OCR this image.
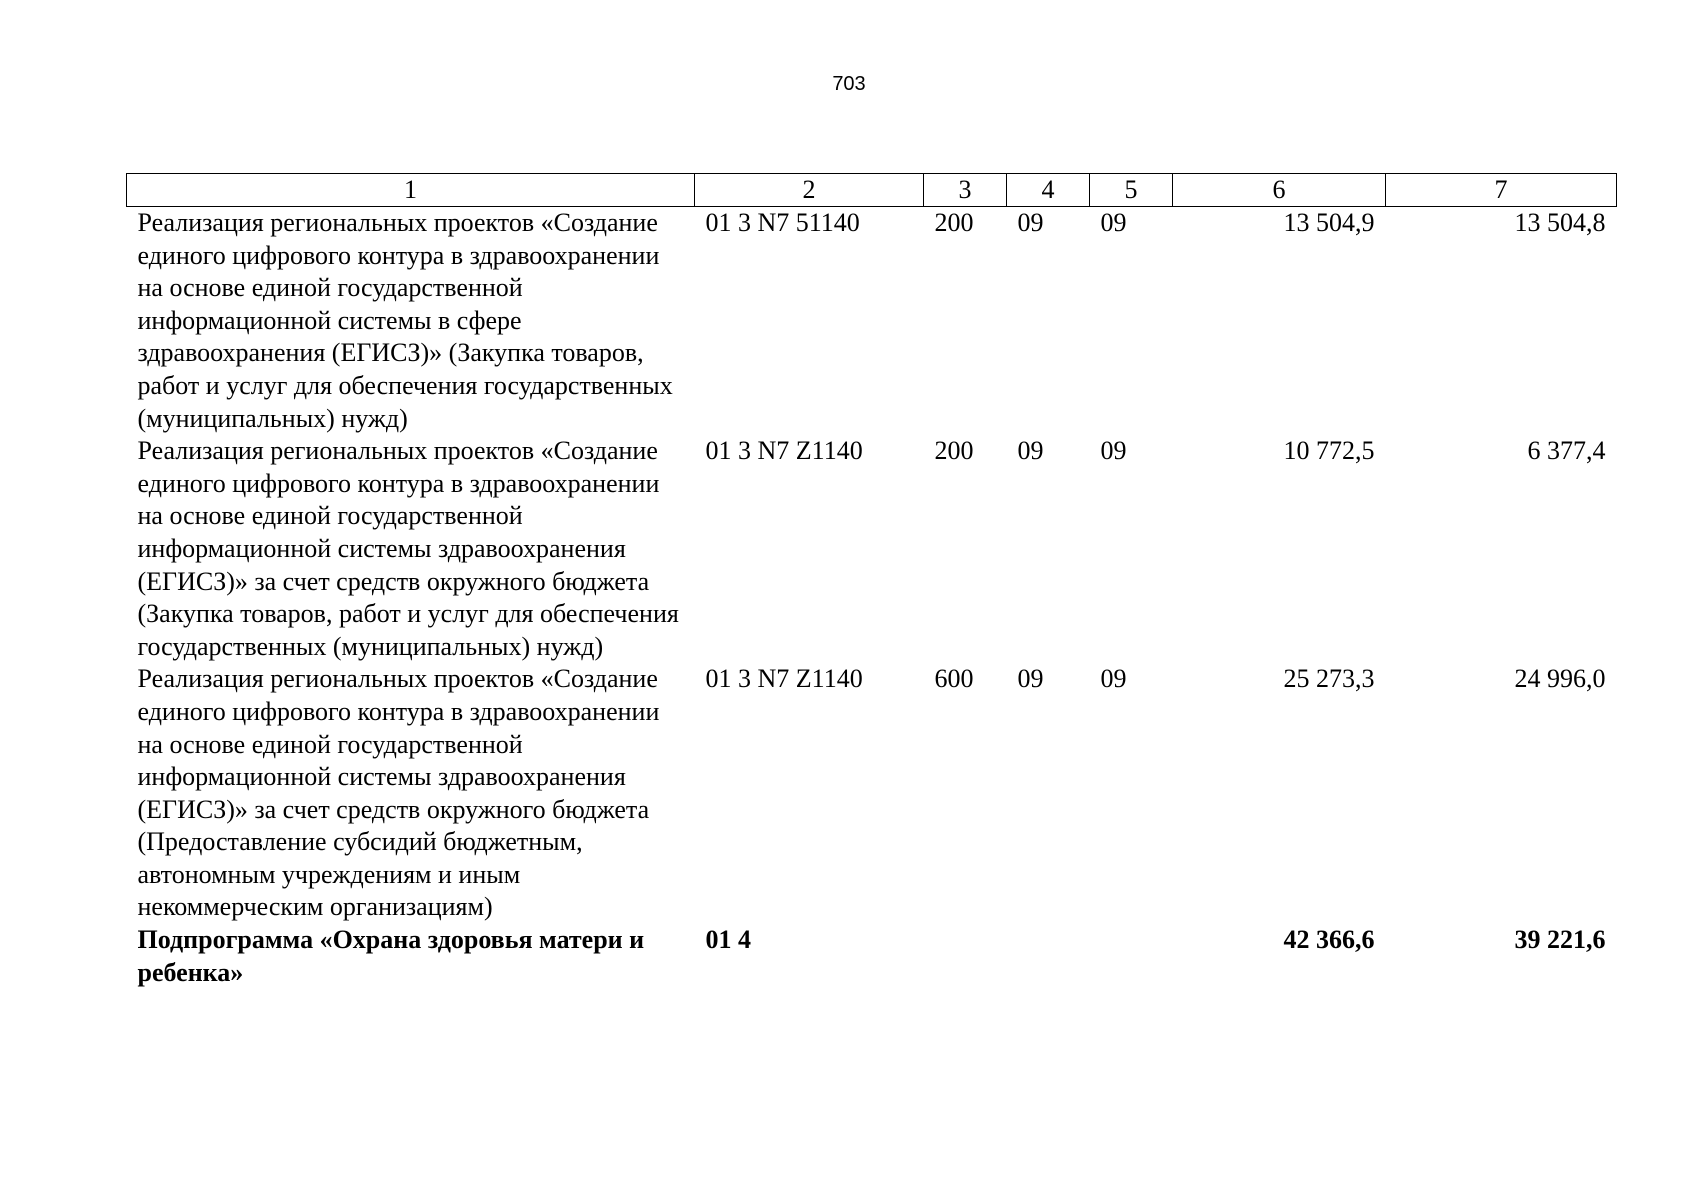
703
1	2	3	4	5	6	7
Реализация региональных проектов «Создание единого цифрового контура в здравоохранении на основе единой государственной информационной системы в сфере здравоохранения (ЕГИСЗ)» (Закупка товаров, работ и услуг для обеспечения государственных (муниципальных) нужд)	01 3 N7 51140	200	09	09	13 504,9	13 504,8
Реализация региональных проектов «Создание единого цифрового контура в здравоохранении на основе единой государственной информационной системы здравоохранения (ЕГИСЗ)» за счет средств окружного бюджета (Закупка товаров, работ и услуг для обеспечения государственных (муниципальных) нужд)	01 3 N7 Z1140	200	09	09	10 772,5	6 377,4
Реализация региональных проектов «Создание единого цифрового контура в здравоохранении на основе единой государственной информационной системы здравоохранения (ЕГИСЗ)» за счет средств окружного бюджета (Предоставление субсидий бюджетным, автономным учреждениям и иным некоммерческим организациям)	01 3 N7 Z1140	600	09	09	25 273,3	24 996,0
Подпрограмма «Охрана здоровья матери и ребенка»	01 4				42 366,6	39 221,6
